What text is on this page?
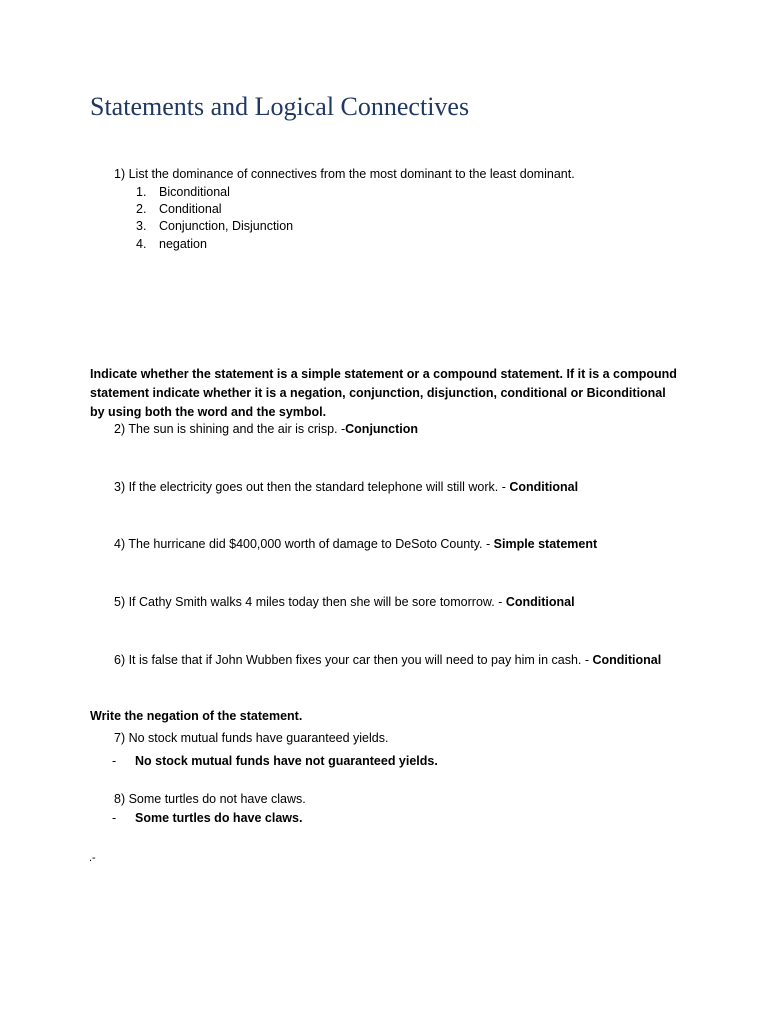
Statements and Logical Connectives
1) List the dominance of connectives from the most dominant to the least dominant.
1. Biconditional
2. Conditional
3. Conjunction, Disjunction
4. negation

Indicate whether the statement is a simple statement or a compound statement. If it is a compound statement indicate whether it is a negation, conjunction, disjunction, conditional or Biconditional by using both the word and the symbol.

2) The sun is shining and the air is crisp. -Conjunction
3) If the electricity goes out then the standard telephone will still work. - Conditional
4) The hurricane did $400,000 worth of damage to DeSoto County. - Simple statement
5) If Cathy Smith walks 4 miles today then she will be sore tomorrow. - Conditional
6) It is false that if John Wubben fixes your car then you will need to pay him in cash. - Conditional
Write the negation of the statement.
7) No stock mutual funds have guaranteed yields.
- No stock mutual funds have not guaranteed yields.
8) Some turtles do not have claws.
- Some turtles do have claws.
.-
